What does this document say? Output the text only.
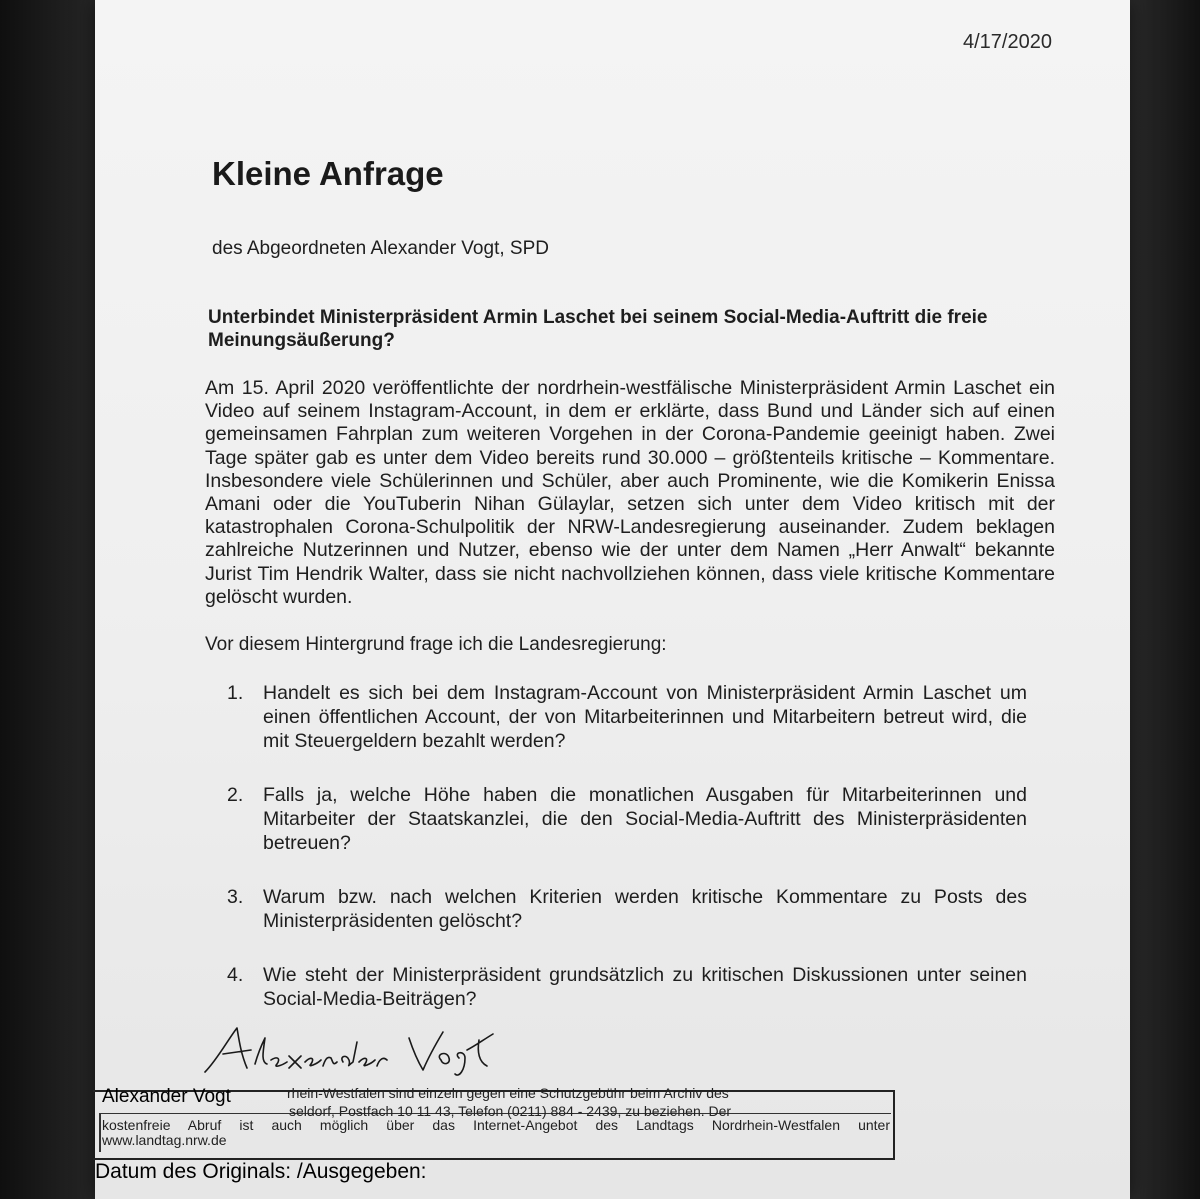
4/17/2020
Kleine Anfrage

des Abgeordneten Alexander Vogt, SPD

Unterbindet Ministerpräsident Armin Laschet bei seinem Social-Media-Auftritt die freie Meinungsäußerung?

Am 15. April 2020 veröffentlichte der nordrhein-westfälische Ministerpräsident Armin Laschet ein Video auf seinem Instagram-Account, in dem er erklärte, dass Bund und Länder sich auf einen gemeinsamen Fahrplan zum weiteren Vorgehen in der Corona-Pandemie geeinigt haben. Zwei Tage später gab es unter dem Video bereits rund 30.000 – größtenteils kritische – Kommentare. Insbesondere viele Schülerinnen und Schüler, aber auch Prominente, wie die Komikerin Enissa Amani oder die YouTuberin Nihan Gülaylar, setzen sich unter dem Video kritisch mit der katastrophalen Corona-Schulpolitik der NRW-Landesregierung auseinander. Zudem beklagen zahlreiche Nutzerinnen und Nutzer, ebenso wie der unter dem Namen „Herr Anwalt“ bekannte Jurist Tim Hendrik Walter, dass sie nicht nachvollziehen können, dass viele kritische Kommentare gelöscht wurden.

Vor diesem Hintergrund frage ich die Landesregierung:

1. Handelt es sich bei dem Instagram-Account von Ministerpräsident Armin Laschet um einen öffentlichen Account, der von Mitarbeiterinnen und Mitarbeitern betreut wird, die mit Steuergeldern bezahlt werden?
2. Falls ja, welche Höhe haben die monatlichen Ausgaben für Mitarbeiterinnen und Mitarbeiter der Staatskanzlei, die den Social-Media-Auftritt des Ministerpräsidenten betreuen?
3. Warum bzw. nach welchen Kriterien werden kritische Kommentare zu Posts des Ministerpräsidenten gelöscht?
4. Wie steht der Ministerpräsident grundsätzlich zu kritischen Diskussionen unter seinen Social-Media-Beiträgen?

Alexander Vogt	rhein-Westfalen sind einzeln gegen eine Schutzgebühr beim Archiv des
seldorf, Postfach 10 11 43, Telefon (0211) 884 - 2439, zu beziehen. Der
kostenfreie Abruf ist auch möglich über das Internet-Angebot des Landtags Nordrhein-Westfalen unter
www.landtag.nrw.de

Datum des Originals: /Ausgegeben:
